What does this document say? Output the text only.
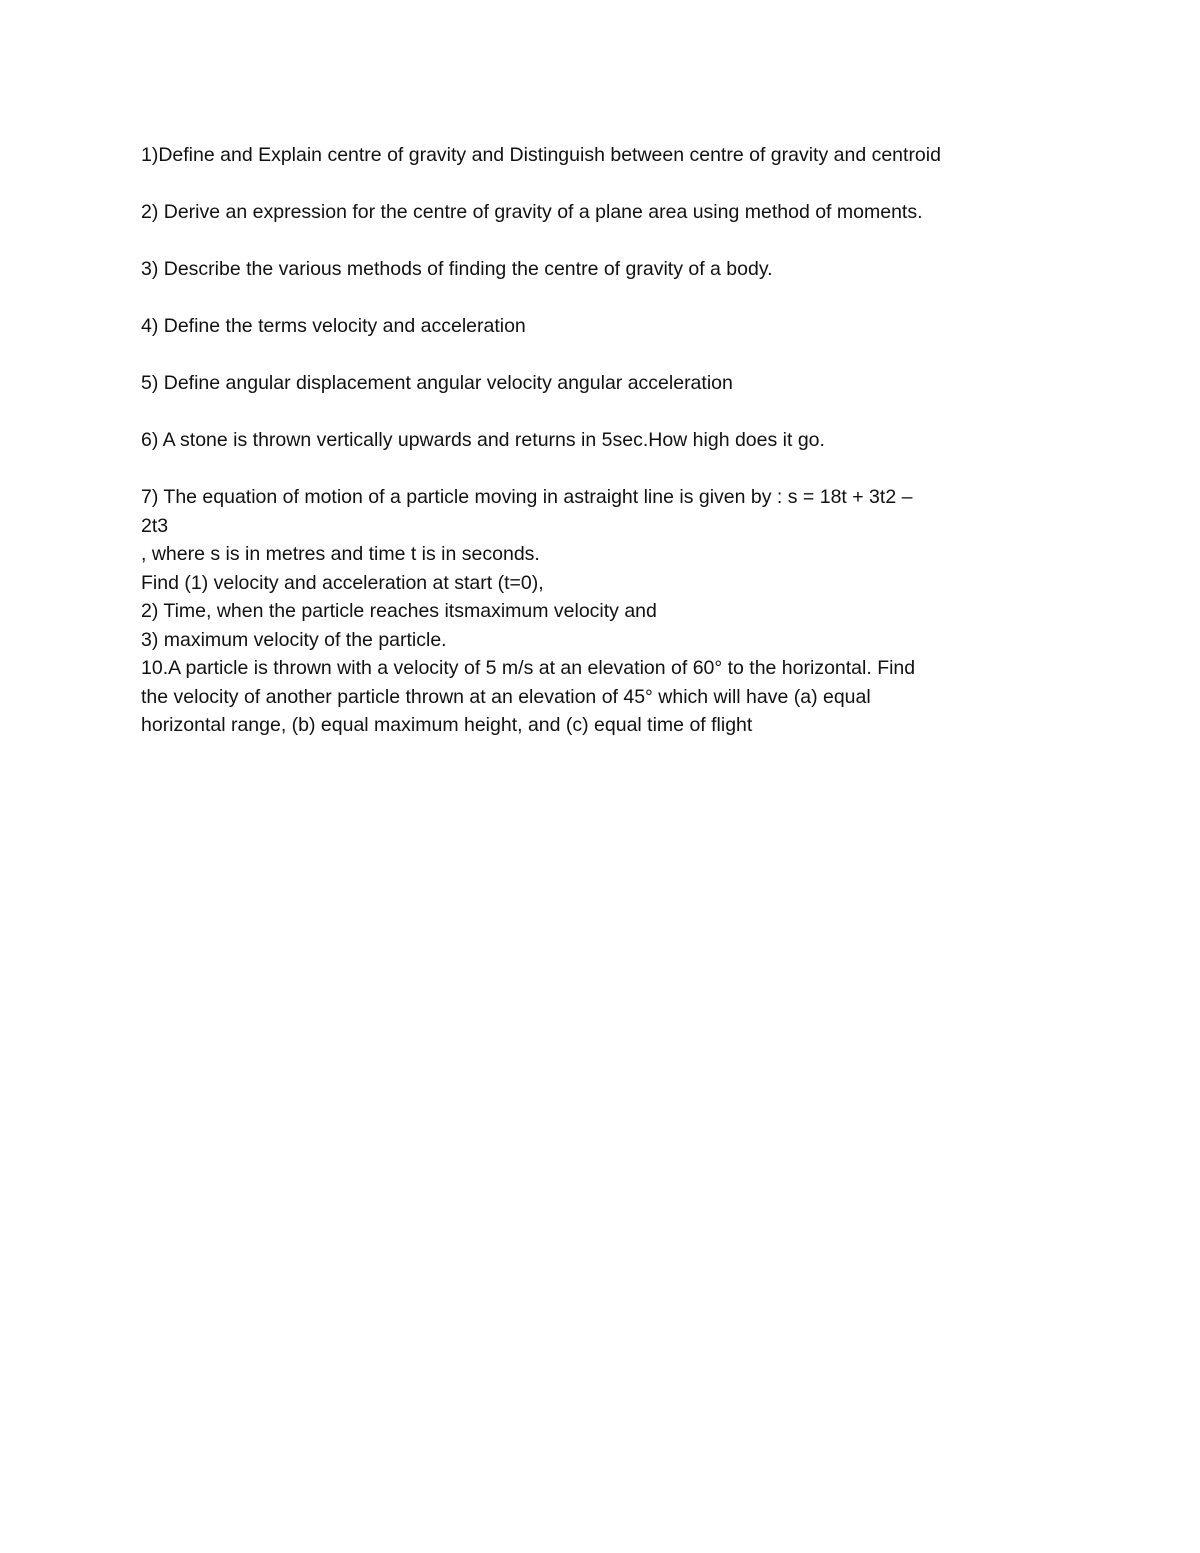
1)Define and Explain centre of gravity and Distinguish between centre of gravity and centroid

2) Derive an expression for the centre of gravity of a plane area using method of moments.

3) Describe the various methods of finding the centre of gravity of a body.

4) Define the terms velocity and acceleration

5) Define angular displacement angular velocity angular acceleration

6) A stone is thrown vertically upwards and returns in 5sec.How high does it go.

7) The equation of motion of a particle moving in astraight line is given by : s = 18t + 3t2 –
2t3
, where s is in metres and time t is in seconds.
Find (1) velocity and acceleration at start (t=0),
2) Time, when the particle reaches itsmaximum velocity and
3) maximum velocity of the particle.
10.A particle is thrown with a velocity of 5 m/s at an elevation of 60° to the horizontal. Find
the velocity of another particle thrown at an elevation of 45° which will have (a) equal
horizontal range, (b) equal maximum height, and (c) equal time of flight
